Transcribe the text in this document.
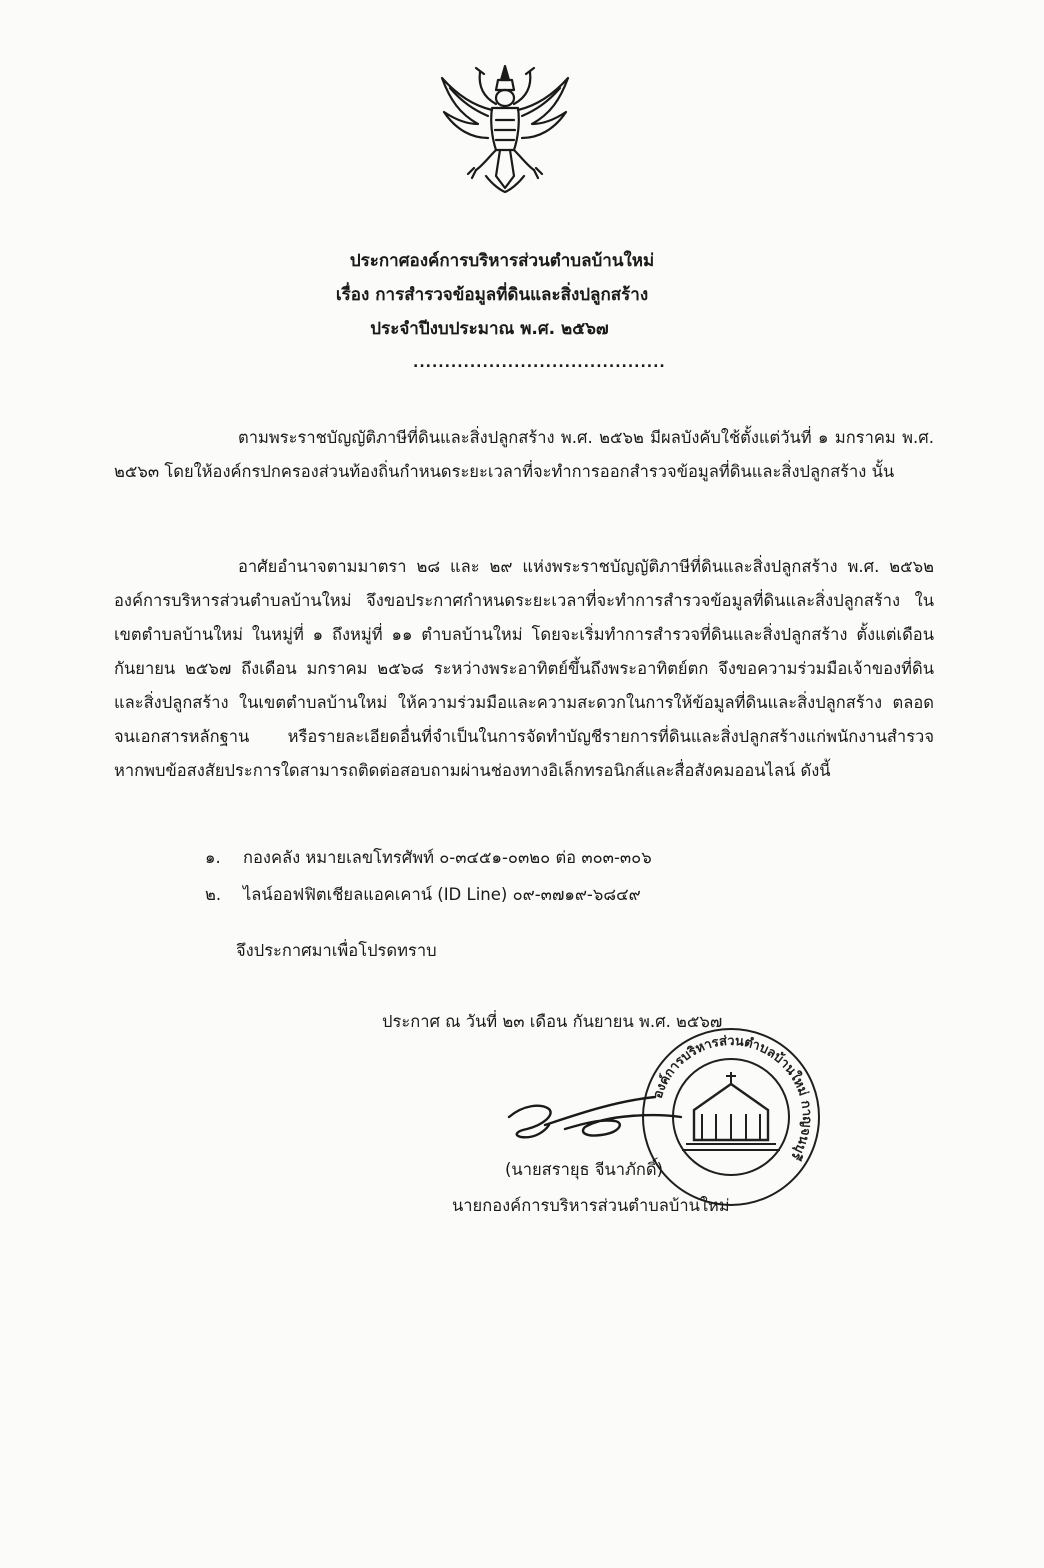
ประกาศองค์การบริหารส่วนตำบลบ้านใหม่
เรื่อง การสำรวจข้อมูลที่ดินและสิ่งปลูกสร้าง
ประจำปีงบประมาณ พ.ศ. ๒๕๖๗
........................................
ตามพระราชบัญญัติภาษีที่ดินและสิ่งปลูกสร้าง พ.ศ. ๒๕๖๒ มีผลบังคับใช้ตั้งแต่วันที่ ๑ มกราคม พ.ศ. ๒๕๖๓ โดยให้องค์กรปกครองส่วนท้องถิ่นกำหนดระยะเวลาที่จะทำการออกสำรวจข้อมูลที่ดินและสิ่งปลูกสร้าง นั้น
อาศัยอำนาจตามมาตรา ๒๘ และ ๒๙ แห่งพระราชบัญญัติภาษีที่ดินและสิ่งปลูกสร้าง พ.ศ. ๒๕๖๒ องค์การบริหารส่วนตำบลบ้านใหม่ จึงขอประกาศกำหนดระยะเวลาที่จะทำการสำรวจข้อมูลที่ดินและสิ่งปลูกสร้าง ในเขตตำบลบ้านใหม่ ในหมู่ที่ ๑ ถึงหมู่ที่ ๑๑ ตำบลบ้านใหม่ โดยจะเริ่มทำการสำรวจที่ดินและสิ่งปลูกสร้าง ตั้งแต่เดือน กันยายน ๒๕๖๗ ถึงเดือน มกราคม ๒๕๖๘ ระหว่างพระอาทิตย์ขึ้นถึงพระอาทิตย์ตก จึงขอความร่วมมือเจ้าของที่ดินและสิ่งปลูกสร้าง ในเขตตำบลบ้านใหม่ ให้ความร่วมมือและความสะดวกในการให้ข้อมูลที่ดินและสิ่งปลูกสร้าง ตลอดจนเอกสารหลักฐาน หรือรายละเอียดอื่นที่จำเป็นในการจัดทำบัญชีรายการที่ดินและสิ่งปลูกสร้างแก่พนักงานสำรวจ หากพบข้อสงสัยประการใดสามารถติดต่อสอบถามผ่านช่องทางอิเล็กทรอนิกส์และสื่อสังคมออนไลน์ ดังนี้
๑. กองคลัง หมายเลขโทรศัพท์ ๐-๓๔๕๑-๐๓๒๐ ต่อ ๓๐๓-๓๐๖
๒. ไลน์ออฟฟิตเชียลแอคเคาน์ (ID Line) ๐๙-๓๗๑๙-๖๘๔๙
จึงประกาศมาเพื่อโปรดทราบ
ประกาศ ณ วันที่ ๒๓ เดือน กันยายน พ.ศ. ๒๕๖๗
องค์การบริหารส่วนตำบลบ้านใหม่ กาญจนบุรี
(นายสรายุธ จีนาภักดิ์)
นายกองค์การบริหารส่วนตำบลบ้านใหม่
